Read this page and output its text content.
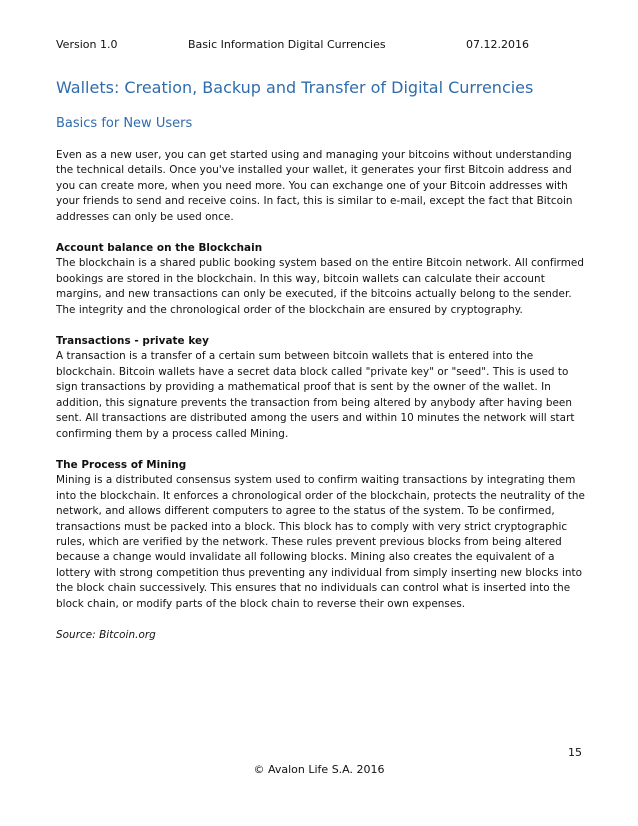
Version 1.0	Basic Information Digital Currencies	07.12.2016
Wallets: Creation, Backup and Transfer of Digital Currencies
Basics for New Users

Even as a new user, you can get started using and managing your bitcoins without understanding the technical details. Once you've installed your wallet, it generates your first Bitcoin address and you can create more, when you need more. You can exchange one of your Bitcoin addresses with your friends to send and receive coins. In fact, this is similar to e-mail, except the fact that Bitcoin addresses can only be used once.

Account balance on the Blockchain
The blockchain is a shared public booking system based on the entire Bitcoin network. All confirmed bookings are stored in the blockchain. In this way, bitcoin wallets can calculate their account margins, and new transactions can only be executed, if the bitcoins actually belong to the sender. The integrity and the chronological order of the blockchain are ensured by cryptography.

Transactions - private key
A transaction is a transfer of a certain sum between bitcoin wallets that is entered into the blockchain. Bitcoin wallets have a secret data block called "private key" or "seed". This is used to sign transactions by providing a mathematical proof that is sent by the owner of the wallet. In addition, this signature prevents the transaction from being altered by anybody after having been sent. All transactions are distributed among the users and within 10 minutes the network will start confirming them by a process called Mining.

The Process of Mining
Mining is a distributed consensus system used to confirm waiting transactions by integrating them into the blockchain. It enforces a chronological order of the blockchain, protects the neutrality of the network, and allows different computers to agree to the status of the system. To be confirmed, transactions must be packed into a block. This block has to comply with very strict cryptographic rules, which are verified by the network. These rules prevent previous blocks from being altered because a change would invalidate all following blocks. Mining also creates the equivalent of a lottery with strong competition thus preventing any individual from simply inserting new blocks into the block chain successively. This ensures that no individuals can control what is inserted into the block chain, or modify parts of the block chain to reverse their own expenses.

Source: Bitcoin.org

15
© Avalon Life S.A. 2016
